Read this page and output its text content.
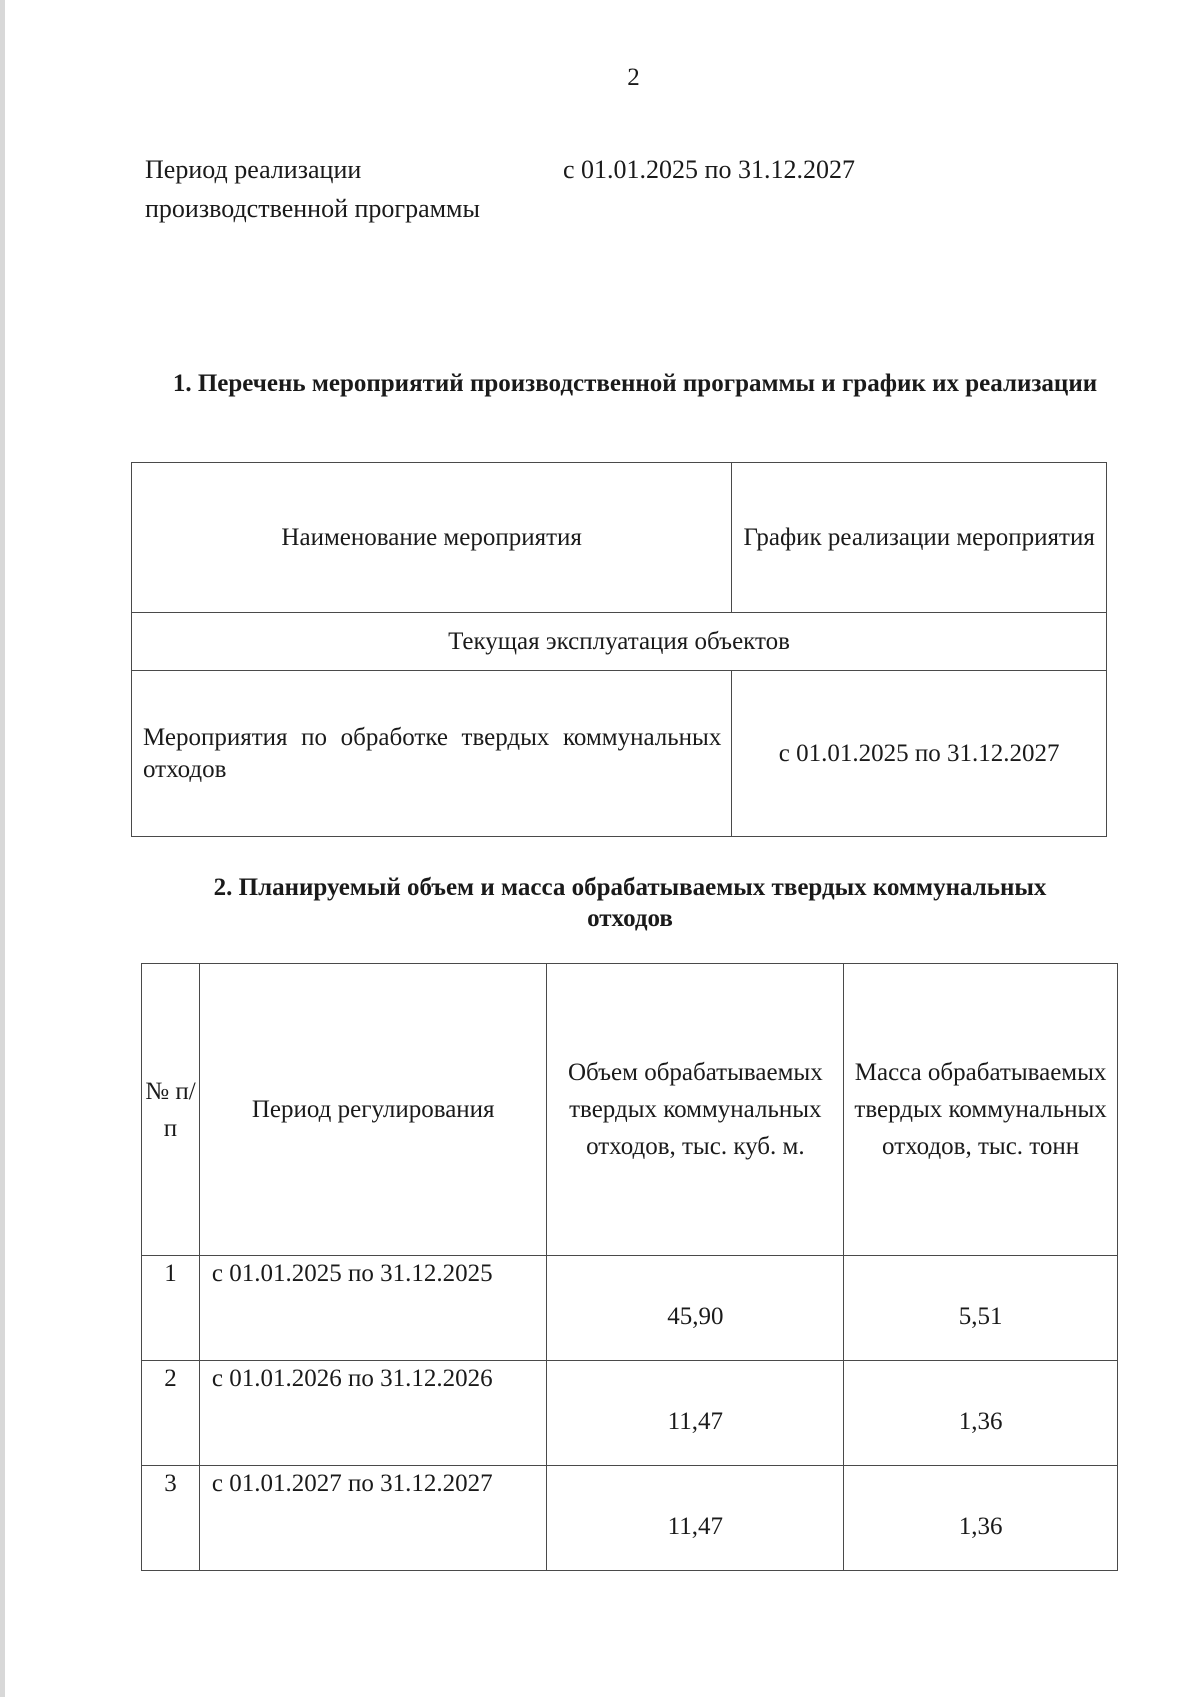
2
Период реализации производственной программы
с 01.01.2025 по 31.12.2027
1. Перечень мероприятий производственной программы и график их реализации
Наименование мероприятия	График реализации мероприятия
Текущая эксплуатация объектов	
Мероприятия по обработке твердых коммунальных отходов	с 01.01.2025 по 31.12.2027
2. Планируемый объем и масса обрабатываемых твердых коммунальных отходов
№ п/п	Период регулирования	Объем обрабатываемых твердых коммунальных отходов, тыс. куб. м.	Масса обрабатываемых твердых коммунальных отходов, тыс. тонн
1	с 01.01.2025 по 31.12.2025	45,90	5,51
2	с 01.01.2026 по 31.12.2026	11,47	1,36
3	с 01.01.2027 по 31.12.2027	11,47	1,36
